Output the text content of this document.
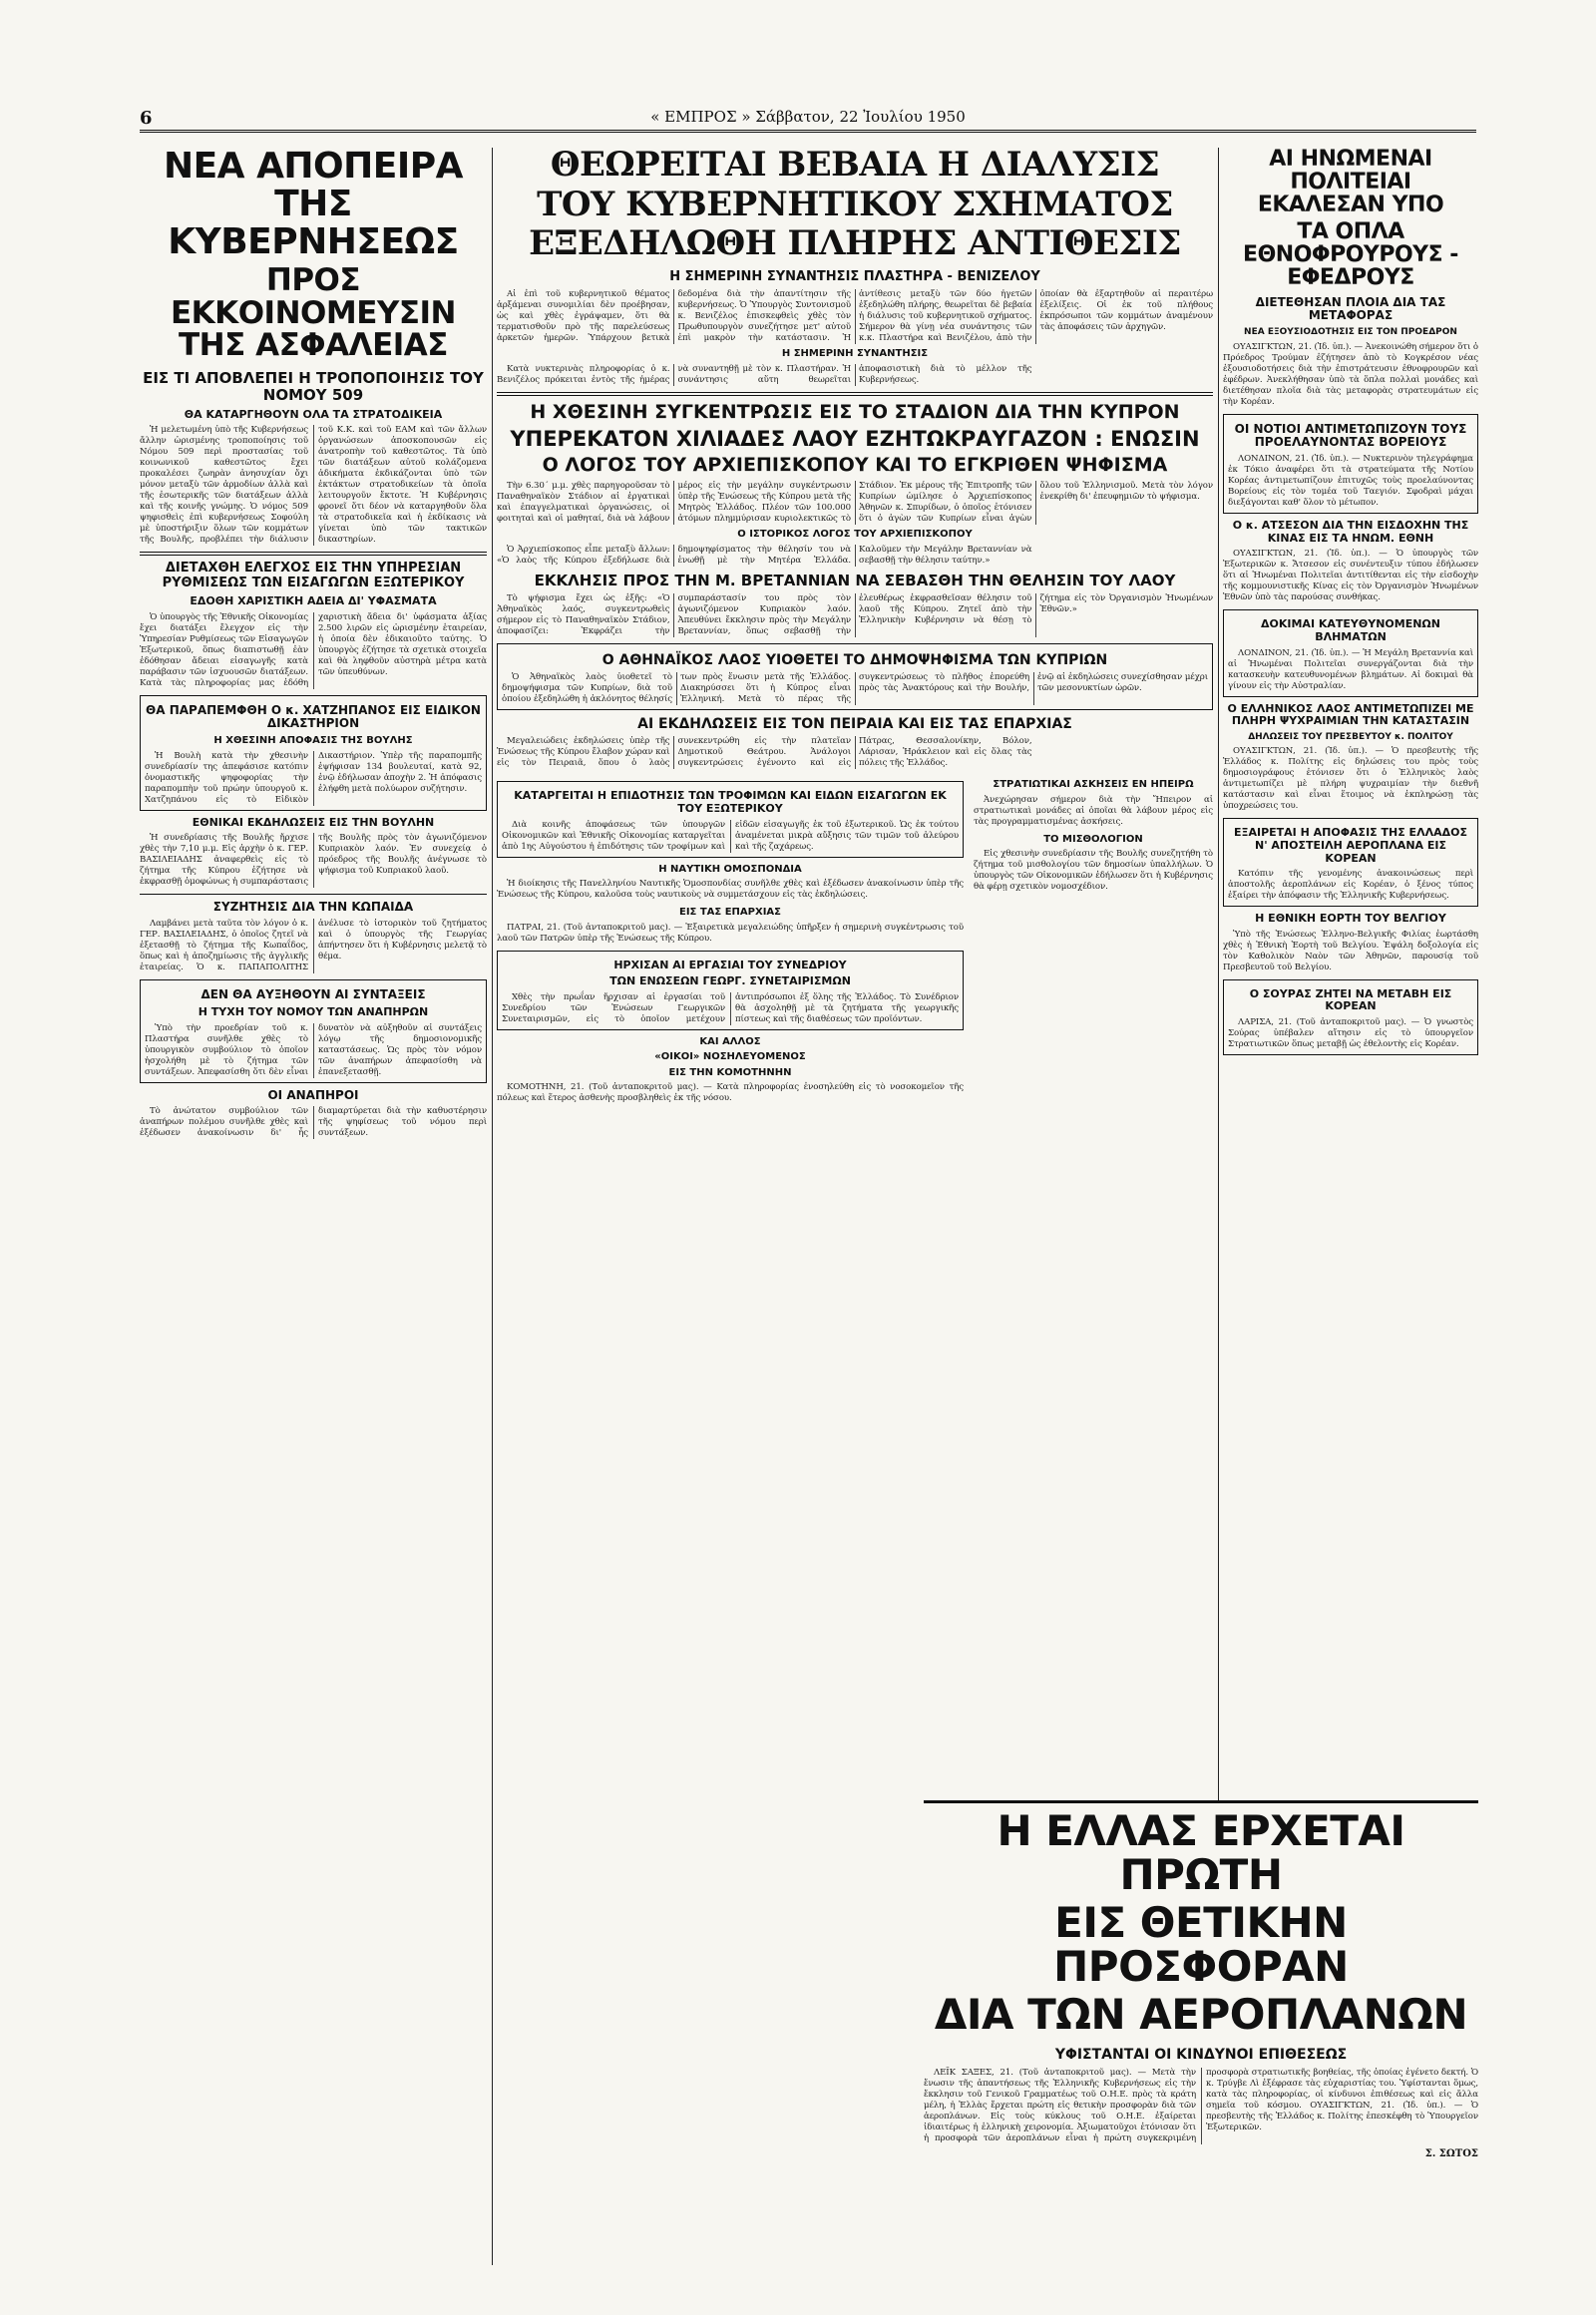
6	« ΕΜΠΡΟΣ » Σάββατον, 22 Ἰουλίου 1950
ΝΕΑ ΑΠΟΠΕΙΡΑ ΤΗΣ ΚΥΒΕΡΝΗΣΕΩΣ
ΠΡΟΣ ΕΚΚΟΙΝΟΜΕΥΣΙΝ ΤΗΣ ΑΣΦΑΛΕΙΑΣ
ΕΙΣ ΤΙ ΑΠΟΒΛΕΠΕΙ Η ΤΡΟΠΟΠΟΙΗΣΙΣ ΤΟΥ ΝΟΜΟΥ 509
ΘΑ ΚΑΤΑΡΓΗΘΟΥΝ ΟΛΑ ΤΑ ΣΤΡΑΤΟΔΙΚΕΙΑ

Ἡ μελετωμένη ὑπὸ τῆς Κυβερνήσεως ἄλλην ὡρισμένης τροποποίησις τοῦ Νόμου 509 περὶ προστασίας τοῦ κοινωνικοῦ καθεστῶτος ἔχει προκαλέσει ζωηρὰν ἀνησυχίαν ὄχι μόνον μεταξὺ τῶν ἀρμοδίων ἀλλὰ καὶ τῆς ἐσωτερικῆς τῶν διατάξεων ἀλλὰ καὶ τῆς κοινῆς γνώμης. Ὁ νόμος 509 ψηφισθεὶς ἐπὶ κυβερνήσεως Σοφούλη μὲ ὑποστήριξιν ὅλων τῶν κομμάτων τῆς Βουλῆς, προβλέπει τὴν διάλυσιν τοῦ Κ.Κ. καὶ τοῦ ΕΑΜ καὶ τῶν ἄλλων ὀργανώσεων ἀποσκοπουσῶν εἰς ἀνατροπὴν τοῦ καθεστῶτος. Τὰ ὑπὸ τῶν διατάξεων αὐτοῦ κολάζομενα ἀδικήματα ἐκδικάζονται ὑπὸ τῶν ἐκτάκτων στρατοδικείων τὰ ὁποῖα λειτουργοῦν ἔκτοτε. Ἡ Κυβέρνησις φρονεῖ ὅτι δέον νὰ καταργηθοῦν ὅλα τὰ στρατοδικεῖα καὶ ἡ ἐκδίκασις νὰ γίνεται ὑπὸ τῶν τακτικῶν δικαστηρίων.

ΔΙΕΤΑΧΘΗ ΕΛΕΓΧΟΣ ΕΙΣ ΤΗΝ ΥΠΗΡΕΣΙΑΝ ΡΥΘΜΙΣΕΩΣ ΤΩΝ ΕΙΣΑΓΩΓΩΝ ΕΞΩΤΕΡΙΚΟΥ
ΕΔΟΘΗ ΧΑΡΙΣΤΙΚΗ ΑΔΕΙΑ ΔΙ' ΥΦΑΣΜΑΤΑ

Ὁ ὑπουργὸς τῆς Ἐθνικῆς Οἰκονομίας ἔχει διατάξει ἔλεγχον εἰς τὴν Ὑπηρεσίαν Ρυθμίσεως τῶν Εἰσαγωγῶν Ἐξωτερικοῦ, ὅπως διαπιστωθῇ ἐὰν ἐδόθησαν ἄδειαι εἰσαγωγῆς κατὰ παράβασιν τῶν ἰσχυουσῶν διατάξεων. Κατὰ τὰς πληροφορίας μας ἐδόθη χαριστικὴ ἄδεια δι' ὑφάσματα ἀξίας 2.500 λιρῶν εἰς ὡρισμένην ἑταιρείαν, ἡ ὁποία δὲν ἐδικαιοῦτο ταύτης. Ὁ ὑπουργὸς ἐζήτησε τὰ σχετικὰ στοιχεῖα καὶ θὰ ληφθοῦν αὐστηρὰ μέτρα κατὰ τῶν ὑπευθύνων.

ΘΑ ΠΑΡΑΠΕΜΦΘΗ Ο κ. ΧΑΤΖΗΠΑΝΟΣ ΕΙΣ ΕΙΔΙΚΟΝ ΔΙΚΑΣΤΗΡΙΟΝ
Η ΧΘΕΣΙΝΗ ΑΠΟΦΑΣΙΣ ΤΗΣ ΒΟΥΛΗΣ

Ἡ Βουλὴ κατὰ τὴν χθεσινὴν συνεδρίασίν της ἀπεφάσισε κατόπιν ὀνομαστικῆς ψηφοφορίας τὴν παραπομπὴν τοῦ πρώην ὑπουργοῦ κ. Χατζηπάνου εἰς τὸ Εἰδικὸν Δικαστήριον. Ὑπὲρ τῆς παραπομπῆς ἐψήφισαν 134 βουλευταί, κατὰ 92, ἐνῷ ἐδήλωσαν ἀποχὴν 2. Ἡ ἀπόφασις ἐλήφθη μετὰ πολύωρον συζήτησιν.

ΕΘΝΙΚΑΙ ΕΚΔΗΛΩΣΕΙΣ ΕΙΣ ΤΗΝ ΒΟΥΛΗΝ

Ἡ συνεδρίασις τῆς Βουλῆς ἤρχισε χθὲς τὴν 7,10 μ.μ. Εἰς ἀρχὴν ὁ κ. ΓΕΡ. ΒΑΣΙΛΕΙΑΔΗΣ ἀναφερθεὶς εἰς τὸ ζήτημα τῆς Κύπρου ἐζήτησε νὰ ἐκφρασθῇ ὁμοφώνως ἡ συμπαράστασις τῆς Βουλῆς πρὸς τὸν ἀγωνιζόμενον Κυπριακὸν λαόν. Ἐν συνεχείᾳ ὁ πρόεδρος τῆς Βουλῆς ἀνέγνωσε τὸ ψήφισμα τοῦ Κυπριακοῦ λαοῦ.

ΣΥΖΗΤΗΣΙΣ ΔΙΑ ΤΗΝ ΚΩΠΑΙΔΑ

Λαμβάνει μετὰ ταῦτα τὸν λόγον ὁ κ. ΓΕΡ. ΒΑΣΙΛΕΙΑΔΗΣ, ὁ ὁποῖος ζητεῖ νὰ ἐξετασθῇ τὸ ζήτημα τῆς Κωπαΐδος, ὅπως καὶ ἡ ἀποζημίωσις τῆς ἀγγλικῆς ἑταιρείας. Ὁ κ. ΠΑΠΑΠΟΛΙΤΗΣ ἀνέλυσε τὸ ἱστορικὸν τοῦ ζητήματος καὶ ὁ ὑπουργὸς τῆς Γεωργίας ἀπήντησεν ὅτι ἡ Κυβέρνησις μελετᾷ τὸ θέμα.

ΔΕΝ ΘΑ ΑΥΞΗΘΟΥΝ ΑΙ ΣΥΝΤΑΞΕΙΣ
Η ΤΥΧΗ ΤΟΥ ΝΟΜΟΥ ΤΩΝ ΑΝΑΠΗΡΩΝ

Ὑπὸ τὴν προεδρίαν τοῦ κ. Πλαστήρα συνῆλθε χθὲς τὸ ὑπουργικὸν συμβούλιον τὸ ὁποῖον ἠσχολήθη μὲ τὸ ζήτημα τῶν συντάξεων. Ἀπεφασίσθη ὅτι δὲν εἶναι δυνατὸν νὰ αὐξηθοῦν αἱ συντάξεις λόγῳ τῆς δημοσιονομικῆς καταστάσεως. Ὡς πρὸς τὸν νόμον τῶν ἀναπήρων ἀπεφασίσθη νὰ ἐπανεξετασθῇ.

ΟΙ ΑΝΑΠΗΡΟΙ

Τὸ ἀνώτατον συμβούλιον τῶν ἀναπήρων πολέμου συνῆλθε χθὲς καὶ ἐξέδωσεν ἀνακοίνωσιν δι' ἧς διαμαρτύρεται διὰ τὴν καθυστέρησιν τῆς ψηφίσεως τοῦ νόμου περὶ συντάξεων.

ΘΕΩΡΕΙΤΑΙ ΒΕΒΑΙΑ Η ΔΙΑΛΥΣΙΣ
ΤΟΥ ΚΥΒΕΡΝΗΤΙΚΟΥ ΣΧΗΜΑΤΟΣ
ΕΞΕΔΗΛΩΘΗ ΠΛΗΡΗΣ ΑΝΤΙΘΕΣΙΣ
Η ΣΗΜΕΡΙΝΗ ΣΥΝΑΝΤΗΣΙΣ ΠΛΑΣΤΗΡΑ - ΒΕΝΙΖΕΛΟΥ

Αἱ ἐπὶ τοῦ κυβερνητικοῦ θέματος ἀρξάμεναι συνομιλίαι δὲν προέβησαν, ὡς καὶ χθὲς ἐγράψαμεν, ὅτι θὰ τερματισθοῦν πρὸ τῆς παρελεύσεως ἀρκετῶν ἡμερῶν. Ὑπάρχουν βετικὰ δεδομένα διὰ τὴν ἀπαντίτησιν τῆς κυβερνήσεως. Ὁ Ὑπουργὸς Συντονισμοῦ κ. Βενιζέλος ἐπισκεφθεὶς χθὲς τὸν Πρωθυπουργὸν συνεζήτησε μετ' αὐτοῦ ἐπὶ μακρὸν τὴν κατάστασιν. Ἡ ἀντίθεσις μεταξὺ τῶν δύο ἡγετῶν ἐξεδηλώθη πλήρης, θεωρεῖται δὲ βεβαία ἡ διάλυσις τοῦ κυβερνητικοῦ σχήματος. Σήμερον θὰ γίνῃ νέα συνάντησις τῶν κ.κ. Πλαστήρα καὶ Βενιζέλου, ἀπὸ τὴν ὁποίαν θὰ ἐξαρτηθοῦν αἱ περαιτέρω ἐξελίξεις. Οἱ ἐκ τοῦ πλήθους ἐκπρόσωποι τῶν κομμάτων ἀναμένουν τὰς ἀποφάσεις τῶν ἀρχηγῶν.

Η ΣΗΜΕΡΙΝΗ ΣΥΝΑΝΤΗΣΙΣ

Κατὰ νυκτερινὰς πληροφορίας ὁ κ. Βενιζέλος πρόκειται ἐντὸς τῆς ἡμέρας νὰ συναντηθῇ μὲ τὸν κ. Πλαστήραν. Ἡ συνάντησις αὕτη θεωρεῖται ἀποφασιστικὴ διὰ τὸ μέλλον τῆς Κυβερνήσεως.

Η ΧΘΕΣΙΝΗ ΣΥΓΚΕΝΤΡΩΣΙΣ ΕΙΣ ΤΟ ΣΤΑΔΙΟΝ ΔΙΑ ΤΗΝ ΚΥΠΡΟΝ
ΥΠΕΡΕΚΑΤΟΝ ΧΙΛΙΑΔΕΣ ΛΑΟΥ ΕΖΗΤΩΚΡΑΥΓΑΖΟΝ : ΕΝΩΣΙΝ
Ο ΛΟΓΟΣ ΤΟΥ ΑΡΧΙΕΠΙΣΚΟΠΟΥ ΚΑΙ ΤΟ ΕΓΚΡΙΘΕΝ ΨΗΦΙΣΜΑ

Τὴν 6.30΄ μ.μ. χθὲς παρηγοροῦσαν τὸ Παναθηναϊκὸν Στάδιον αἱ ἐργατικαὶ καὶ ἐπαγγελματικαὶ ὀργανώσεις, οἱ φοιτηταὶ καὶ οἱ μαθηταί, διὰ νὰ λάβουν μέρος εἰς τὴν μεγάλην συγκέντρωσιν ὑπὲρ τῆς Ἑνώσεως τῆς Κύπρου μετὰ τῆς Μητρὸς Ἑλλάδος. Πλέον τῶν 100.000 ἀτόμων πλημμύρισαν κυριολεκτικῶς τὸ Στάδιον. Ἐκ μέρους τῆς Ἐπιτροπῆς τῶν Κυπρίων ὡμίλησε ὁ Ἀρχιεπίσκοπος Ἀθηνῶν κ. Σπυρίδων, ὁ ὁποῖος ἐτόνισεν ὅτι ὁ ἀγὼν τῶν Κυπρίων εἶναι ἀγὼν ὅλου τοῦ Ἑλληνισμοῦ. Μετὰ τὸν λόγον ἐνεκρίθη δι' ἐπευφημιῶν τὸ ψήφισμα.

Ο ΙΣΤΟΡΙΚΟΣ ΛΟΓΟΣ ΤΟΥ ΑΡΧΙΕΠΙΣΚΟΠΟΥ

Ὁ Ἀρχιεπίσκοπος εἶπε μεταξὺ ἄλλων: «Ὁ λαὸς τῆς Κύπρου ἐξεδήλωσε διὰ δημοψηφίσματος τὴν θέλησίν του νὰ ἑνωθῇ μὲ τὴν Μητέρα Ἑλλάδα. Καλοῦμεν τὴν Μεγάλην Βρεταννίαν νὰ σεβασθῇ τὴν θέλησιν ταύτην.»

ΕΚΚΛΗΣΙΣ ΠΡΟΣ ΤΗΝ Μ. ΒΡΕΤΑΝΝΙΑΝ ΝΑ ΣΕΒΑΣΘΗ ΤΗΝ ΘΕΛΗΣΙΝ ΤΟΥ ΛΑΟΥ

Τὸ ψήφισμα ἔχει ὡς ἑξῆς: «Ὁ Ἀθηναϊκὸς λαός, συγκεντρωθεὶς σήμερον εἰς τὸ Παναθηναϊκὸν Στάδιον, ἀποφασίζει: Ἐκφράζει τὴν συμπαράστασίν του πρὸς τὸν ἀγωνιζόμενον Κυπριακὸν λαόν. Ἀπευθύνει ἔκκλησιν πρὸς τὴν Μεγάλην Βρεταννίαν, ὅπως σεβασθῇ τὴν ἐλευθέρως ἐκφρασθεῖσαν θέλησιν τοῦ λαοῦ τῆς Κύπρου. Ζητεῖ ἀπὸ τὴν Ἑλληνικὴν Κυβέρνησιν νὰ θέσῃ τὸ ζήτημα εἰς τὸν Ὀργανισμὸν Ἡνωμένων Ἐθνῶν.»

Ο ΑΘΗΝΑΪΚΟΣ ΛΑΟΣ ΥΙΟΘΕΤΕΙ ΤΟ ΔΗΜΟΨΗΦΙΣΜΑ ΤΩΝ ΚΥΠΡΙΩΝ

Ὁ Ἀθηναϊκὸς λαὸς ὑιοθετεῖ τὸ δημοψήφισμα τῶν Κυπρίων, διὰ τοῦ ὁποίου ἐξεδηλώθη ἡ ἀκλόνητος θέλησίς των πρὸς ἕνωσιν μετὰ τῆς Ἑλλάδος. Διακηρύσσει ὅτι ἡ Κύπρος εἶναι Ἑλληνική. Μετὰ τὸ πέρας τῆς συγκεντρώσεως τὸ πλῆθος ἐπορεύθη πρὸς τὰς Ἀνακτόρους καὶ τὴν Βουλήν, ἐνῷ αἱ ἐκδηλώσεις συνεχίσθησαν μέχρι τῶν μεσονυκτίων ὡρῶν.

ΑΙ ΕΚΔΗΛΩΣΕΙΣ ΕΙΣ ΤΟΝ ΠΕΙΡΑΙΑ ΚΑΙ ΕΙΣ ΤΑΣ ΕΠΑΡΧΙΑΣ

Μεγαλειώδεις ἐκδηλώσεις ὑπὲρ τῆς Ἑνώσεως τῆς Κύπρου ἔλαβον χώραν καὶ εἰς τὸν Πειραιᾶ, ὅπου ὁ λαὸς συνεκεντρώθη εἰς τὴν πλατεῖαν Δημοτικοῦ Θεάτρου. Ἀνάλογοι συγκεντρώσεις ἐγένοντο καὶ εἰς Πάτρας, Θεσσαλονίκην, Βόλον, Λάρισαν, Ἡράκλειον καὶ εἰς ὅλας τὰς πόλεις τῆς Ἑλλάδος.

ΚΑΤΑΡΓΕΙΤΑΙ Η ΕΠΙΔΟΤΗΣΙΣ ΤΩΝ ΤΡΟΦΙΜΩΝ ΚΑΙ ΕΙΔΩΝ ΕΙΣΑΓΩΓΩΝ ΕΚ ΤΟΥ ΕΞΩΤΕΡΙΚΟΥ

Διὰ κοινῆς ἀποφάσεως τῶν ὑπουργῶν Οἰκονομικῶν καὶ Ἐθνικῆς Οἰκονομίας καταργεῖται ἀπὸ 1ης Αὐγούστου ἡ ἐπιδότησις τῶν τροφίμων καὶ εἰδῶν εἰσαγωγῆς ἐκ τοῦ ἐξωτερικοῦ. Ὡς ἐκ τούτου ἀναμένεται μικρὰ αὔξησις τῶν τιμῶν τοῦ ἀλεύρου καὶ τῆς ζαχάρεως.

Η ΝΑΥΤΙΚΗ ΟΜΟΣΠΟΝΔΙΑ

Ἡ διοίκησις τῆς Πανελληνίου Ναυτικῆς Ὁμοσπονδίας συνῆλθε χθὲς καὶ ἐξέδωσεν ἀνακοίνωσιν ὑπὲρ τῆς Ἑνώσεως τῆς Κύπρου, καλοῦσα τοὺς ναυτικοὺς νὰ συμμετάσχουν εἰς τὰς ἐκδηλώσεις.

ΕΙΣ ΤΑΣ ΕΠΑΡΧΙΑΣ

ΠΑΤΡΑΙ, 21. (Τοῦ ἀνταποκριτοῦ μας). — Ἐξαιρετικὰ μεγαλειώδης ὑπῆρξεν ἡ σημερινὴ συγκέντρωσις τοῦ λαοῦ τῶν Πατρῶν ὑπὲρ τῆς Ἑνώσεως τῆς Κύπρου.

ΗΡΧΙΣΑΝ ΑΙ ΕΡΓΑΣΙΑΙ ΤΟΥ ΣΥΝΕΔΡΙΟΥ
ΤΩΝ ΕΝΩΣΕΩΝ ΓΕΩΡΓ. ΣΥΝΕΤΑΙΡΙΣΜΩΝ

Χθὲς τὴν πρωΐαν ἤρχισαν αἱ ἐργασίαι τοῦ Συνεδρίου τῶν Ἑνώσεων Γεωργικῶν Συνεταιρισμῶν, εἰς τὸ ὁποῖον μετέχουν ἀντιπρόσωποι ἐξ ὅλης τῆς Ἑλλάδος. Τὸ Συνέδριον θὰ ἀσχοληθῇ μὲ τὰ ζητήματα τῆς γεωργικῆς πίστεως καὶ τῆς διαθέσεως τῶν προϊόντων.

ΚΑΙ ΑΛΛΟΣ
«ΟΙΚΟΙ» ΝΟΣΗΛΕΥΟΜΕΝΟΣ
ΕΙΣ ΤΗΝ ΚΟΜΟΤΗΝΗΝ

ΚΟΜΟΤΗΝΗ, 21. (Τοῦ ἀνταποκριτοῦ μας). — Κατὰ πληροφορίας ἐνοσηλεύθη εἰς τὸ νοσοκομεῖον τῆς πόλεως καὶ ἕτερος ἀσθενὴς προσβληθεὶς ἐκ τῆς νόσου.

ΣΤΡΑΤΙΩΤΙΚΑΙ ΑΣΚΗΣΕΙΣ ΕΝ ΗΠΕΙΡΩ

Ἀνεχώρησαν σήμερον διὰ τὴν Ἤπειρον αἱ στρατιωτικαὶ μονάδες αἱ ὁποῖαι θὰ λάβουν μέρος εἰς τὰς προγραμματισμένας ἀσκήσεις.

ΤΟ ΜΙΣΘΟΛΟΓΙΟΝ

Εἰς χθεσινὴν συνεδρίασιν τῆς Βουλῆς συνεζητήθη τὸ ζήτημα τοῦ μισθολογίου τῶν δημοσίων ὑπαλλήλων. Ὁ ὑπουργὸς τῶν Οἰκονομικῶν ἐδήλωσεν ὅτι ἡ Κυβέρνησις θὰ φέρῃ σχετικὸν νομοσχέδιον.

ΑΙ ΗΝΩΜΕΝΑΙ ΠΟΛΙΤΕΙΑΙ ΕΚΑΛΕΣΑΝ ΥΠΟ
ΤΑ ΟΠΛΑ ΕΘΝΟΦΡΟΥΡΟΥΣ - ΕΦΕΔΡΟΥΣ
ΔΙΕΤΕΘΗΣΑΝ ΠΛΟΙΑ ΔΙΑ ΤΑΣ ΜΕΤΑΦΟΡΑΣ
ΝΕΑ ΕΞΟΥΣΙΟΔΟΤΗΣΙΣ ΕΙΣ ΤΟΝ ΠΡΟΕΔΡΟΝ

ΟΥΑΣΙΓΚΤΩΝ, 21. (Ἰδ. ὑπ.). — Ἀνεκοινώθη σήμερον ὅτι ὁ Πρόεδρος Τρούμαν ἐζήτησεν ἀπὸ τὸ Κογκρέσον νέας ἐξουσιοδοτήσεις διὰ τὴν ἐπιστράτευσιν ἐθνοφρουρῶν καὶ ἐφέδρων. Ἀνεκλήθησαν ὑπὸ τὰ ὅπλα πολλαὶ μονάδες καὶ διετέθησαν πλοῖα διὰ τὰς μεταφορὰς στρατευμάτων εἰς τὴν Κορέαν.

ΟΙ ΝΟΤΙΟΙ ΑΝΤΙΜΕΤΩΠΙΖΟΥΝ ΤΟΥΣ ΠΡΟΕΛΑΥΝΟΝΤΑΣ ΒΟΡΕΙΟΥΣ

ΛΟΝΔΙΝΟΝ, 21. (Ἰδ. ὑπ.). — Νυκτερινὸν τηλεγράφημα ἐκ Τόκιο ἀναφέρει ὅτι τὰ στρατεύματα τῆς Νοτίου Κορέας ἀντιμετωπίζουν ἐπιτυχῶς τοὺς προελαύνοντας Βορείους εἰς τὸν τομέα τοῦ Ταεγιόν. Σφοδραὶ μάχαι διεξάγονται καθ' ὅλον τὸ μέτωπον.

Ο κ. ΑΤΣΕΣΟΝ ΔΙΑ ΤΗΝ ΕΙΣΔΟΧΗΝ ΤΗΣ ΚΙΝΑΣ ΕΙΣ ΤΑ ΗΝΩΜ. ΕΘΝΗ

ΟΥΑΣΙΓΚΤΩΝ, 21. (Ἰδ. ὑπ.). — Ὁ ὑπουργὸς τῶν Ἐξωτερικῶν κ. Ἄτσεσον εἰς συνέντευξιν τύπου ἐδήλωσεν ὅτι αἱ Ἡνωμέναι Πολιτεῖαι ἀντιτίθενται εἰς τὴν εἰσδοχὴν τῆς κομμουνιστικῆς Κίνας εἰς τὸν Ὀργανισμὸν Ἡνωμένων Ἐθνῶν ὑπὸ τὰς παρούσας συνθήκας.

ΔΟΚΙΜΑΙ ΚΑΤΕΥΘΥΝΟΜΕΝΩΝ ΒΛΗΜΑΤΩΝ

ΛΟΝΔΙΝΟΝ, 21. (Ἰδ. ὑπ.). — Ἡ Μεγάλη Βρεταννία καὶ αἱ Ἡνωμέναι Πολιτεῖαι συνεργάζονται διὰ τὴν κατασκευὴν κατευθυνομένων βλημάτων. Αἱ δοκιμαὶ θὰ γίνουν εἰς τὴν Αὐστραλίαν.

Ο ΕΛΛΗΝΙΚΟΣ ΛΑΟΣ ΑΝΤΙΜΕΤΩΠΙΖΕΙ ΜΕ ΠΛΗΡΗ ΨΥΧΡΑΙΜΙΑΝ ΤΗΝ ΚΑΤΑΣΤΑΣΙΝ
ΔΗΛΩΣΕΙΣ ΤΟΥ ΠΡΕΣΒΕΥΤΟΥ κ. ΠΟΛΙΤΟΥ

ΟΥΑΣΙΓΚΤΩΝ, 21. (Ἰδ. ὑπ.). — Ὁ πρεσβευτὴς τῆς Ἑλλάδος κ. Πολίτης εἰς δηλώσεις του πρὸς τοὺς δημοσιογράφους ἐτόνισεν ὅτι ὁ Ἑλληνικὸς λαὸς ἀντιμετωπίζει μὲ πλήρη ψυχραιμίαν τὴν διεθνῆ κατάστασιν καὶ εἶναι ἕτοιμος νὰ ἐκπληρώσῃ τὰς ὑποχρεώσεις του.

ΕΞΑΙΡΕΤΑΙ Η ΑΠΟΦΑΣΙΣ ΤΗΣ ΕΛΛΑΔΟΣ Ν' ΑΠΟΣΤΕΙΛΗ ΑΕΡΟΠΛΑΝΑ ΕΙΣ ΚΟΡΕΑΝ

Κατόπιν τῆς γενομένης ἀνακοινώσεως περὶ ἀποστολῆς ἀεροπλάνων εἰς Κορέαν, ὁ ξένος τύπος ἐξαίρει τὴν ἀπόφασιν τῆς Ἑλληνικῆς Κυβερνήσεως.

Η ΕΘΝΙΚΗ ΕΟΡΤΗ ΤΟΥ ΒΕΛΓΙΟΥ

Ὑπὸ τῆς Ἑνώσεως Ἑλληνο-Βελγικῆς Φιλίας ἐωρτάσθη χθὲς ἡ Ἐθνικὴ Ἑορτὴ τοῦ Βελγίου. Ἐψάλη δοξολογία εἰς τὸν Καθολικὸν Ναὸν τῶν Ἀθηνῶν, παρουσίᾳ τοῦ Πρεσβευτοῦ τοῦ Βελγίου.

Ο ΣΟΥΡΑΣ ΖΗΤΕΙ ΝΑ ΜΕΤΑΒΗ ΕΙΣ ΚΟΡΕΑΝ

ΛΑΡΙΣΑ, 21. (Τοῦ ἀνταποκριτοῦ μας). — Ὁ γνωστὸς Σούρας ὑπέβαλεν αἴτησιν εἰς τὸ ὑπουργεῖον Στρατιωτικῶν ὅπως μεταβῇ ὡς ἐθελοντὴς εἰς Κορέαν.

Η ΕΛΛΑΣ ΕΡΧΕΤΑΙ ΠΡΩΤΗ
ΕΙΣ ΘΕΤΙΚΗΝ ΠΡΟΣΦΟΡΑΝ
ΔΙΑ ΤΩΝ ΑΕΡΟΠΛΑΝΩΝ
ΥΦΙΣΤΑΝΤΑΙ ΟΙ ΚΙΝΔΥΝΟΙ ΕΠΙΘΕΣΕΩΣ

ΛΕΪΚ ΣΑΞΕΣ, 21. (Τοῦ ἀνταποκριτοῦ μας). — Μετὰ τὴν ἔνωσιν τῆς ἀπαντήσεως τῆς Ἑλληνικῆς Κυβερνήσεως εἰς τὴν ἔκκλησιν τοῦ Γενικοῦ Γραμματέως τοῦ Ο.Η.Ε. πρὸς τὰ κράτη μέλη, ἡ Ἑλλὰς ἔρχεται πρώτη εἰς θετικὴν προσφορὰν διὰ τῶν ἀεροπλάνων. Εἰς τοὺς κύκλους τοῦ Ο.Η.Ε. ἐξαίρεται ἰδιαιτέρως ἡ ἑλληνικὴ χειρονομία. Ἀξιωματοῦχοι ἐτόνισαν ὅτι ἡ προσφορὰ τῶν ἀεροπλάνων εἶναι ἡ πρώτη συγκεκριμένη προσφορὰ στρατιωτικῆς βοηθείας, τῆς ὁποίας ἐγένετο δεκτή. Ὁ κ. Τρύγβε Λὶ ἐξέφρασε τὰς εὐχαριστίας του. Ὑφίστανται ὅμως, κατὰ τὰς πληροφορίας, οἱ κίνδυνοι ἐπιθέσεως καὶ εἰς ἄλλα σημεῖα τοῦ κόσμου. ΟΥΑΣΙΓΚΤΩΝ, 21. (Ἰδ. ὑπ.). — Ὁ πρεσβευτὴς τῆς Ἑλλάδος κ. Πολίτης ἐπεσκέφθη τὸ Ὑπουργεῖον Ἐξωτερικῶν.

Σ. ΣΩΤΟΣ
